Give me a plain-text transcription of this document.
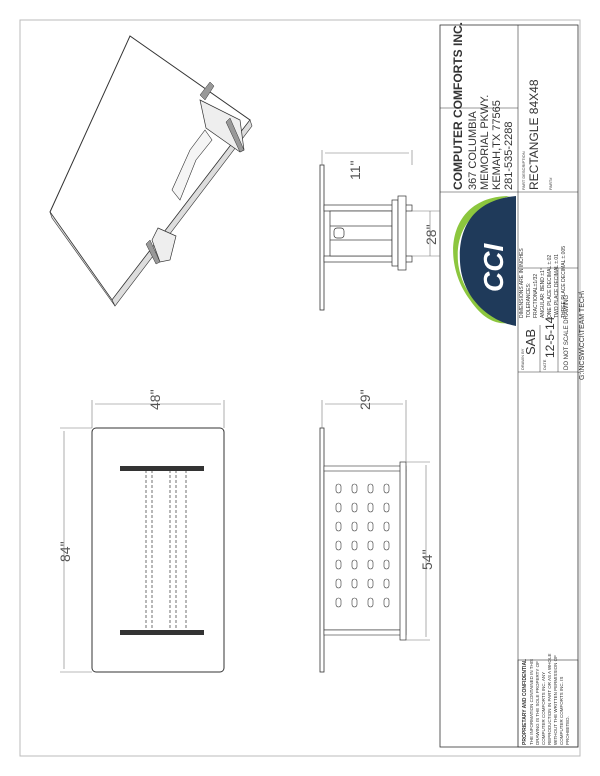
COMPUTER COMFORTS INC. 367 COLUMBIA MEMORIAL PKWY. KEMAH,TX 77565 281-535-2288 PART DESCRIPTION RECTANGLE 84X48 PART#
CCI DIMENSIONS ARE IN INCHES TOLERANCES: FRACTIONAL±1/32 ANGULAR: BEND ±1° ONE PLACE DECIMAL ±.02 TWO PLACE DECIMAL ±.01 THREE PLACE DECIMAL ±.005
DRAWN BY
SAB
DATE
12-5-14 DO NOT SCALE DRAWING G:\NCSW\CCI\TEAM TECH\
PROPRIETARY AND CONFIDENTIAL THE INFORMATION CONTAINED IN THIS DRAWING IS THE SOLE PROPERTY OF COMPUTER COMFORTS INC. ANY REPRODUCTION IN PART OR AS A WHOLE WITHOUT THE WRITTEN PERMISSION OF COMPUTER COMFORTS INC. IS PROHIBITED.
11"
28"
48"
84"
29"
54"
